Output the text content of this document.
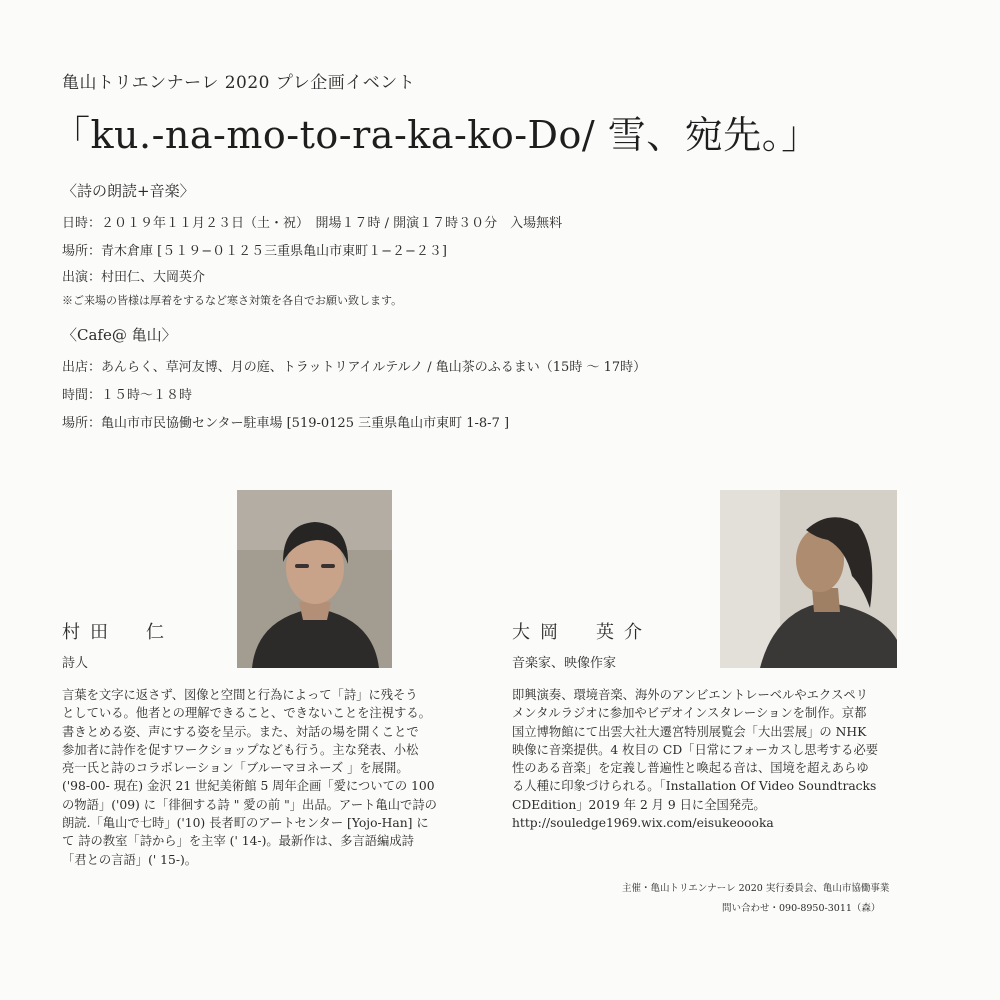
亀山トリエンナーレ 2020 プレ企画イベント
「ku.-na-mo-to-ra-ka-ko-Do/ 雪、宛先。」
〈詩の朗読+音楽〉
日時：２０１９年１１月２３日（土・祝）　開場１７時 / 開演１７時３０分　入場無料
場所：青木倉庫 [５１９−０１２５三重県亀山市東町１−２−２３]
出演：村田仁、大岡英介
※ご来場の皆様は厚着をするなど寒さ対策を各自でお願い致します。
〈Cafe@ 亀山〉
出店：あんらく、草河友博、月の庭、トラットリアイルテルノ / 亀山茶のふるまい（15時 〜 17時）
時間：１５時〜１８時
場所：亀山市市民協働センター駐車場 [519-0125 三重県亀山市東町 1-8-7 ]
村田　仁
詩人
大岡　英介
音楽家、映像作家
言葉を文字に返さず、図像と空間と行為によって「詩」に残そう
としている。他者との理解できること、できないことを注視する。
書きとめる姿、声にする姿を呈示。また、対話の場を開くことで
参加者に詩作を促すワークショップなども行う。主な発表、小松
亮一氏と詩のコラボレーション「ブルーマヨネーズ 」を展開。
('98-00- 現在) 金沢 21 世紀美術館 5 周年企画「愛についての 100
の物語」('09) に「徘徊する詩 " 愛の前 "」出品。アート亀山で詩の
朗読.「亀山で七時」('10) 長者町のアートセンター [Yojo-Han] に
て 詩の教室「詩から」を主宰 (' 14-)。最新作は、多言語編成詩
「君との言語」(' 15-)。
即興演奏、環境音楽、海外のアンビエントレーベルやエクスペリ
メンタルラジオに参加やビデオインスタレーションを制作。京都
国立博物館にて出雲大社大遷宮特別展覧会「大出雲展」の NHK
映像に音楽提供。4 枚目の CD「日常にフォーカスし思考する必要
性のある音楽」を定義し普遍性と喚起る音は、国境を超えあらゆ
る人種に印象づけられる。「Installation Of Video Soundtracks
CDEdition」2019 年 2 月 9 日に全国発売。
http://souledge1969.wix.com/eisukeoooka
主催・亀山トリエンナーレ 2020 実行委員会、亀山市協働事業
問い合わせ・090-8950-3011（森）
